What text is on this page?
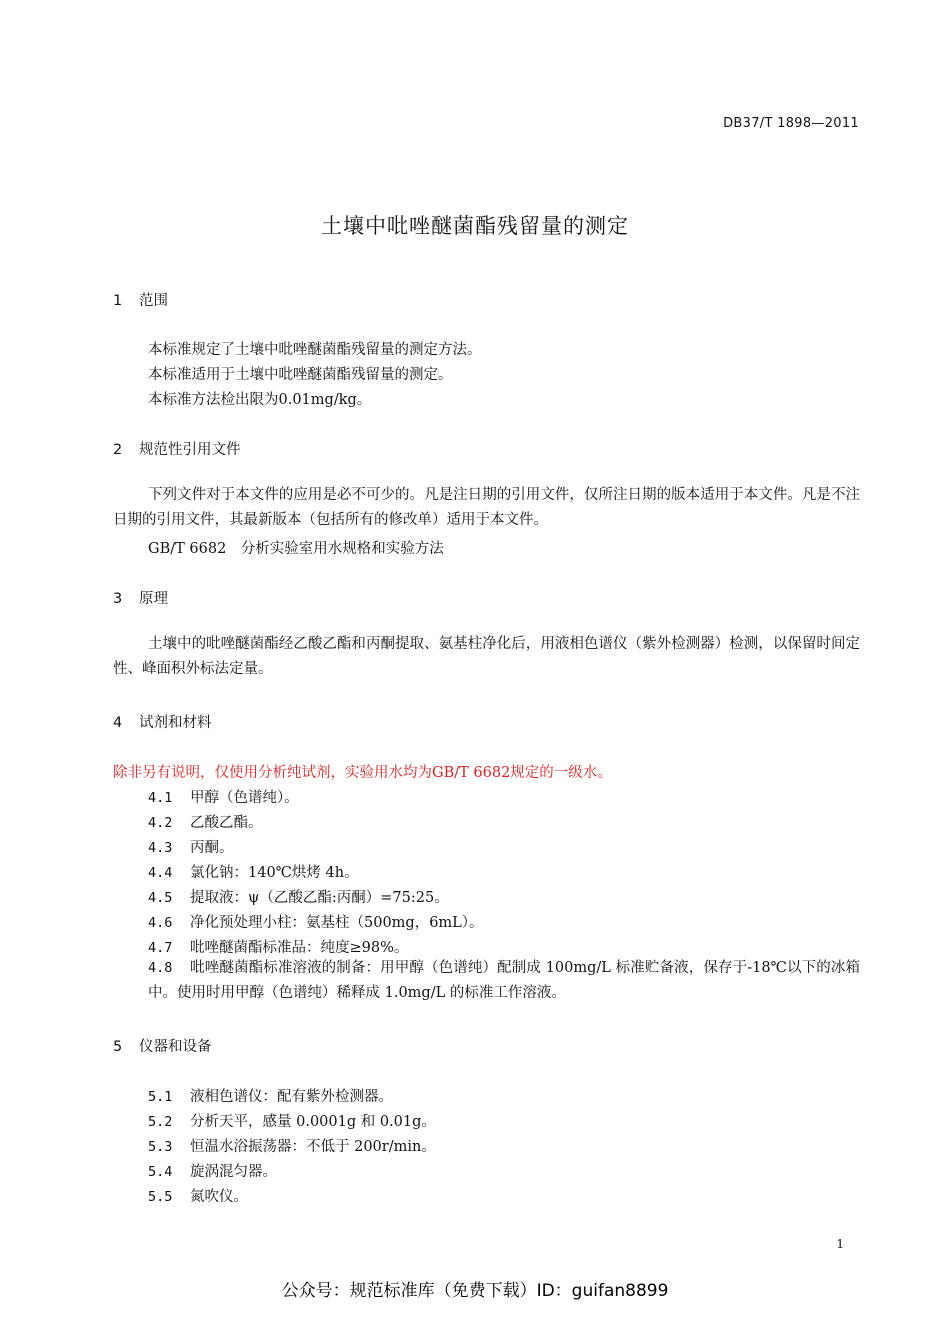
DB37/T 1898—2011
土壤中吡唑醚菌酯残留量的测定
1 范围
本标准规定了土壤中吡唑醚菌酯残留量的测定方法。
本标准适用于土壤中吡唑醚菌酯残留量的测定。
本标准方法检出限为0.01mg/kg。
2 规范性引用文件
下列文件对于本文件的应用是必不可少的。凡是注日期的引用文件，仅所注日期的版本适用于本文件。凡是不注日期的引用文件，其最新版本（包括所有的修改单）适用于本文件。
GB/T 6682　分析实验室用水规格和实验方法
3 原理
土壤中的吡唑醚菌酯经乙酸乙酯和丙酮提取、氨基柱净化后，用液相色谱仪（紫外检测器）检测，以保留时间定性、峰面积外标法定量。
4 试剂和材料
除非另有说明，仅使用分析纯试剂，实验用水均为GB/T 6682规定的一级水。
4.1 甲醇（色谱纯）。
4.2 乙酸乙酯。
4.3 丙酮。
4.4 氯化钠：140℃烘烤 4h。
4.5 提取液：ψ（乙酸乙酯:丙酮）=75:25。
4.6 净化预处理小柱：氨基柱（500mg，6mL）。
4.7 吡唑醚菌酯标准品：纯度≥98%。
4.8 吡唑醚菌酯标准溶液的制备：用甲醇（色谱纯）配制成 100mg/L 标准贮备液，保存于-18℃以下的冰箱中。使用时用甲醇（色谱纯）稀释成 1.0mg/L 的标准工作溶液。
5 仪器和设备
5.1 液相色谱仪：配有紫外检测器。
5.2 分析天平，感量 0.0001g 和 0.01g。
5.3 恒温水浴振荡器：不低于 200r/min。
5.4 旋涡混匀器。
5.5 氮吹仪。
1
公众号：规范标准库（免费下载）ID：guifan8899
